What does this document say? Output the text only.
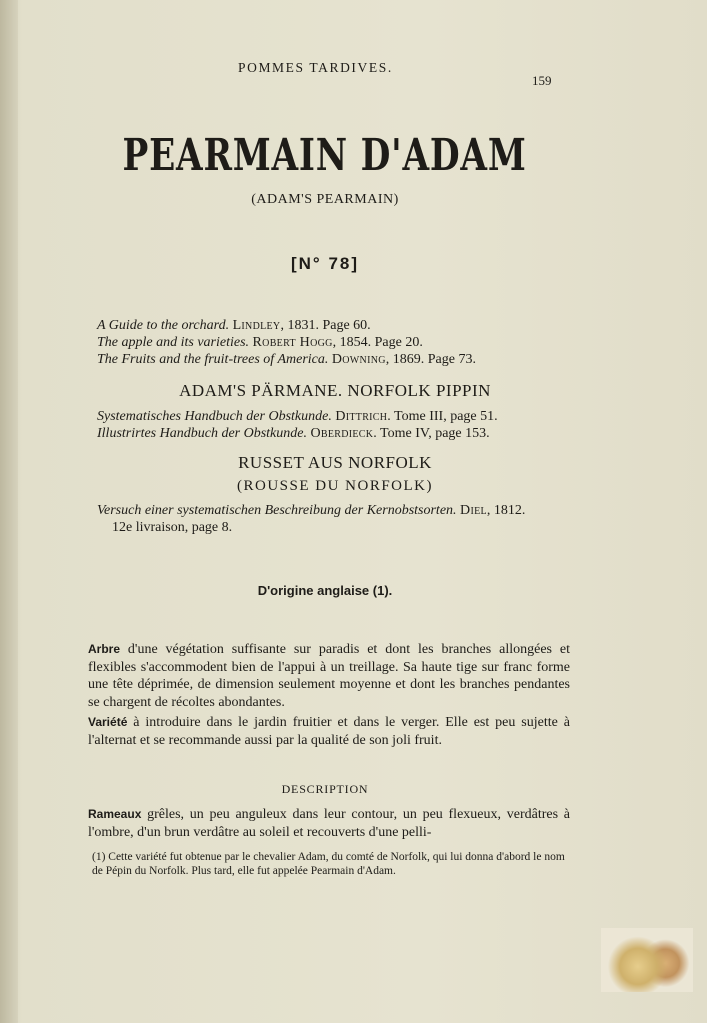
POMMES TARDIVES.
159
PEARMAIN D'ADAM
(ADAM'S PEARMAIN)
[N° 78]
A Guide to the orchard. Lindley, 1831. Page 60.
The apple and its varieties. Robert Hogg, 1854. Page 20.
The Fruits and the fruit-trees of America. Downing, 1869. Page 73.
ADAM'S PÄRMANE. NORFOLK PIPPIN
Systematisches Handbuch der Obstkunde. Dittrich. Tome III, page 51.
Illustrirtes Handbuch der Obstkunde. Oberdieck. Tome IV, page 153.
RUSSET AUS NORFOLK
(ROUSSE DU NORFOLK)
Versuch einer systematischen Beschreibung der Kernobstsorten. Diel, 1812.
12e livraison, page 8.
D'origine anglaise (1).
Arbre d'une végétation suffisante sur paradis et dont les branches allongées et flexibles s'accommodent bien de l'appui à un treillage. Sa haute tige sur franc forme une tête déprimée, de dimension seulement moyenne et dont les branches pendantes se chargent de récoltes abondantes.
Variété à introduire dans le jardin fruitier et dans le verger. Elle est peu sujette à l'alternat et se recommande aussi par la qualité de son joli fruit.
DESCRIPTION
Rameaux grêles, un peu anguleux dans leur contour, un peu flexueux, verdâtres à l'ombre, d'un brun verdâtre au soleil et recouverts d'une pelli-
(1) Cette variété fut obtenue par le chevalier Adam, du comté de Norfolk, qui lui donna d'abord le nom de Pépin du Norfolk. Plus tard, elle fut appelée Pearmain d'Adam.
